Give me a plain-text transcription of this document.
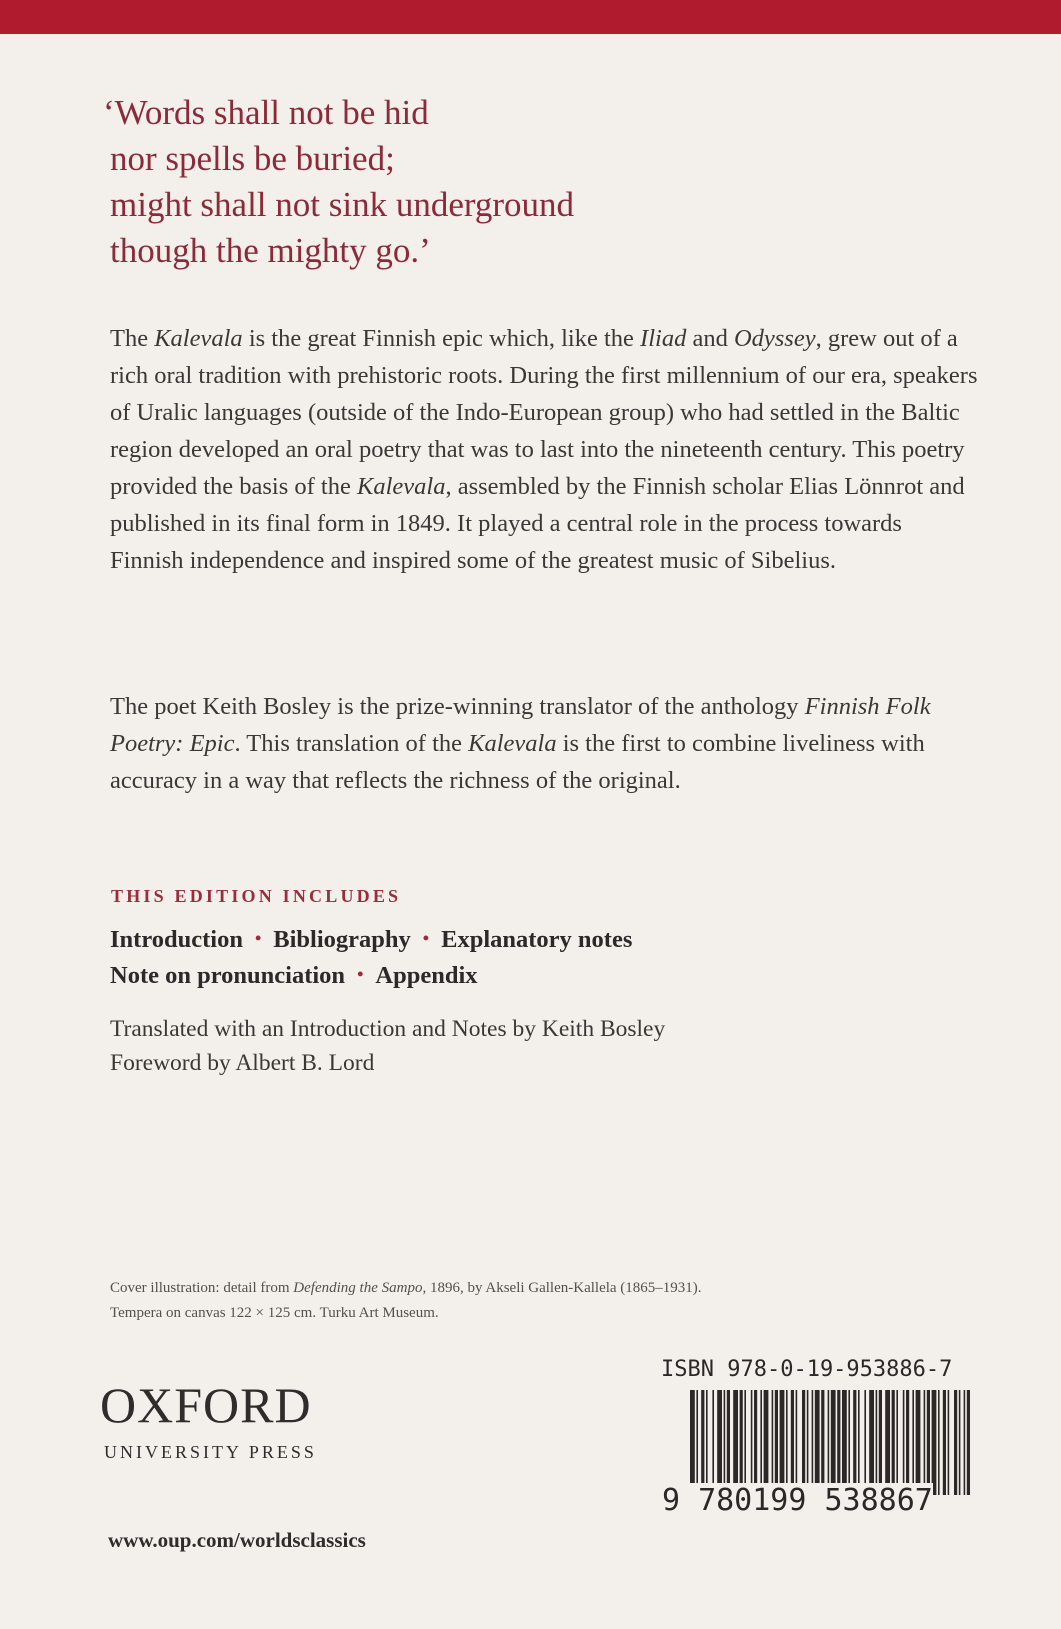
‘Words shall not be hid
nor spells be buried;
might shall not sink underground
though the mighty go.’
The Kalevala is the great Finnish epic which, like the Iliad and Odyssey, grew out of a rich oral tradition with prehistoric roots. During the first millennium of our era, speakers of Uralic languages (outside of the Indo-European group) who had settled in the Baltic region developed an oral poetry that was to last into the nineteenth century. This poetry provided the basis of the Kalevala, assembled by the Finnish scholar Elias Lönnrot and published in its final form in 1849. It played a central role in the process towards Finnish independence and inspired some of the greatest music of Sibelius.
The poet Keith Bosley is the prize-winning translator of the anthology Finnish Folk Poetry: Epic. This translation of the Kalevala is the first to combine liveliness with accuracy in a way that reflects the richness of the original.
THIS EDITION INCLUDES
Introduction • Bibliography • Explanatory notes
Note on pronunciation • Appendix
Translated with an Introduction and Notes by Keith Bosley
Foreword by Albert B. Lord
Cover illustration: detail from Defending the Sampo, 1896, by Akseli Gallen-Kallela (1865–1931).
Tempera on canvas 122 × 125 cm. Turku Art Museum.
OXFORD
UNIVERSITY PRESS
www.oup.com/worldsclassics
ISBN 978-0-19-953886-7
9 780199 538867
